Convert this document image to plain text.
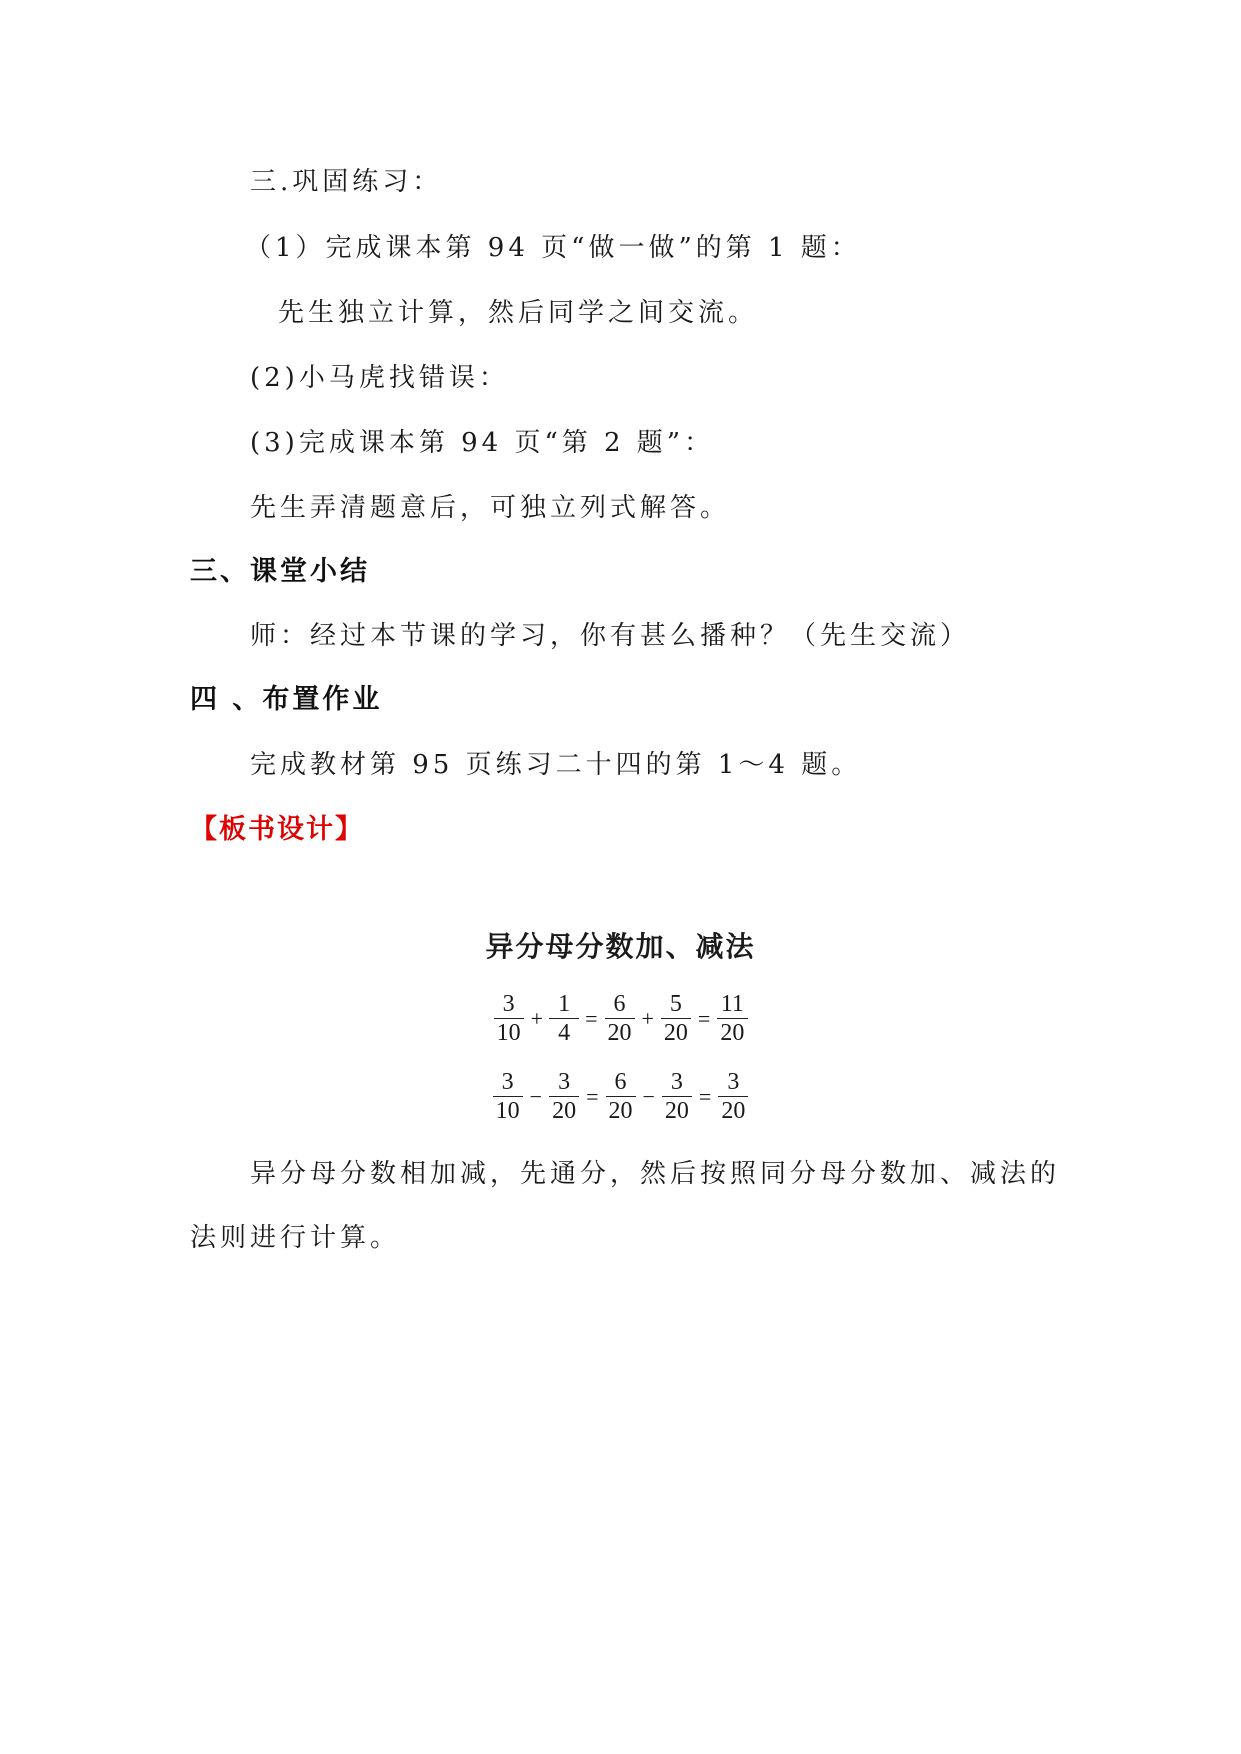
三.巩固练习：
（1）完成课本第 94 页“做一做”的第 1 题：
先生独立计算，然后同学之间交流。
(2)小马虎找错误：
(3)完成课本第 94 页“第 2 题”：
先生弄清题意后，可独立列式解答。
三、课堂小结
师：经过本节课的学习，你有甚么播种？（先生交流）
四 、布置作业
完成教材第 95 页练习二十四的第 1～4 题。
【板书设计】
异分母分数加、减法
$\frac{3}{10} + \frac{1}{4} = \frac{6}{20} + \frac{5}{20} = \frac{11}{20}$
$\frac{3}{10} - \frac{3}{20} = \frac{6}{20} - \frac{3}{20} = \frac{3}{20}$
异分母分数相加减，先通分，然后按照同分母分数加、减法的
法则进行计算。
